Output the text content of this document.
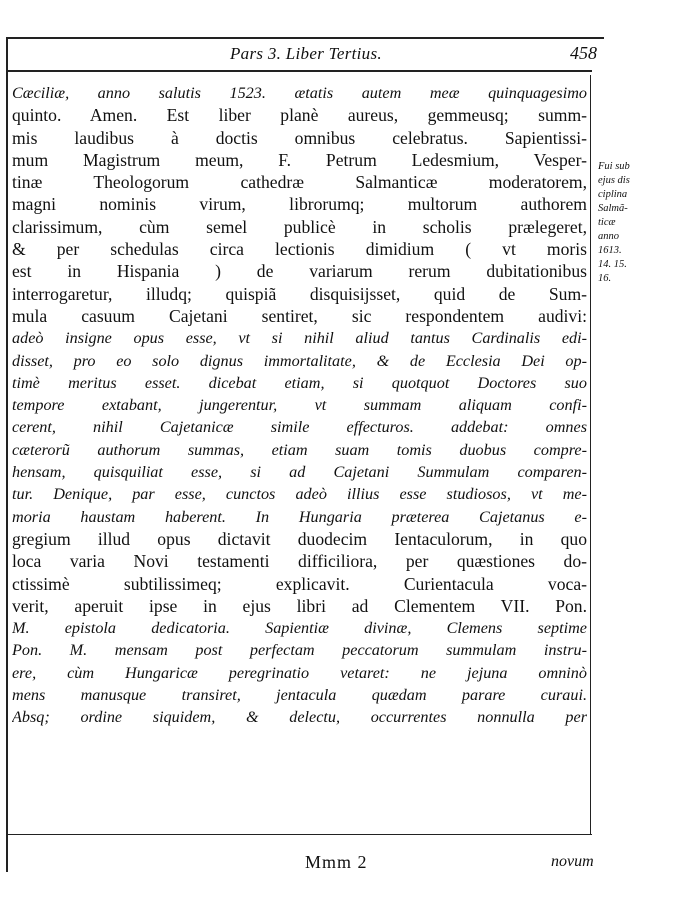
Pars 3. Liber Tertius.	458
Cæciliæ, anno salutis 1523. ætatis autem meæ quinquagesimo
quinto. Amen. Est liber planè aureus, gemmeusq; summ-
mis laudibus à doctis omnibus celebratus. Sapientissi-
mum Magistrum meum, F. Petrum Ledesmium, Vesper-
tinæ Theologorum cathedræ Salmanticæ moderatorem,
magni nominis virum, librorumq; multorum authorem
clarissimum, cùm semel publicè in scholis prælegeret,
& per schedulas circa lectionis dimidium ( vt moris
est in Hispania ) de variarum rerum dubitationibus
interrogaretur, illudq; quispiã disquisijsset, quid de Sum-
mula casuum Cajetani sentiret, sic respondentem audivi:
adeò insigne opus esse, vt si nihil aliud tantus Cardinalis edi-
disset, pro eo solo dignus immortalitate, & de Ecclesia Dei op-
timè meritus esset. dicebat etiam, si quotquot Doctores suo
tempore extabant, jungerentur, vt summam aliquam confi-
cerent, nihil Cajetanicæ simile effecturos. addebat: omnes
cæterorũ authorum summas, etiam suam tomis duobus compre-
hensam, quisquiliat esse, si ad Cajetani Summulam comparen-
tur. Denique, par esse, cunctos adeò illius esse studiosos, vt me-
moria haustam haberent. In Hungaria præterea Cajetanus e-
gregium illud opus dictavit duodecim Ientaculorum, in quo
loca varia Novi testamenti difficiliora, per quæstiones do-
ctissimè subtilissimeq; explicavit. Curientacula voca-
verit, aperuit ipse in ejus libri ad Clementem VII. Pon.
M. epistola dedicatoria. Sapientiæ divinæ, Clemens septime
Pon. M. mensam post perfectam peccatorum summulam instru-
ere, cùm Hungaricæ peregrinatio vetaret: ne jejuna omninò
mens manusque transiret, jentacula quædam parare curaui.
Absq; ordine siquidem, & delectu, occurrentes nonnulla per
Fui sub
ejus dis
ciplina
Salmã-
ticæ
anno
1613.
14. 15.
16.
Mmm 2	novum
